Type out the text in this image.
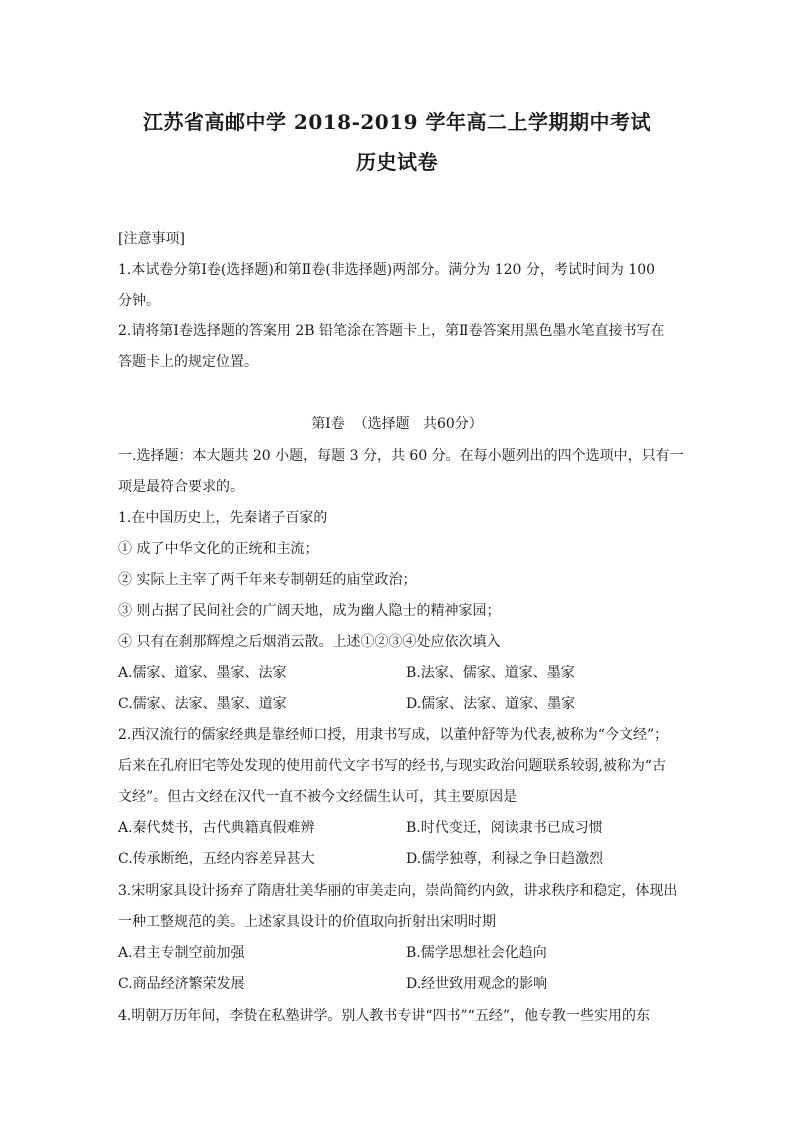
江苏省高邮中学 2018-2019 学年高二上学期期中考试
历史试卷
[注意事项]
1.本试卷分第Ⅰ卷(选择题)和第Ⅱ卷(非选择题)两部分。满分为 120 分，考试时间为 100
分钟。
2.请将第Ⅰ卷选择题的答案用 2B 铅笔涂在答题卡上，第Ⅱ卷答案用黑色墨水笔直接书写在
答题卡上的规定位置。
第Ⅰ卷  （选择题   共60分）
一.选择题：本大题共 20 小题，每题 3 分，共 60 分。在每小题列出的四个选项中，只有一
项是最符合要求的。
1.在中国历史上，先秦诸子百家的
① 成了中华文化的正统和主流；
② 实际上主宰了两千年来专制朝廷的庙堂政治；
③ 则占据了民间社会的广阔天地，成为幽人隐士的精神家园；
④ 只有在刹那辉煌之后烟消云散。上述①②③④处应依次填入
A.儒家、道家、墨家、法家	B.法家、儒家、道家、墨家
C.儒家、法家、墨家、道家	D.儒家、法家、道家、墨家
2.西汉流行的儒家经典是靠经师口授，用隶书写成，以董仲舒等为代表,被称为“今文经”；
后来在孔府旧宅等处发现的使用前代文字书写的经书,与现实政治问题联系较弱,被称为“古
文经”。但古文经在汉代一直不被今文经儒生认可，其主要原因是
A.秦代焚书，古代典籍真假难辨	B.时代变迁，阅读隶书已成习惯
C.传承断绝，五经内容差异甚大	D.儒学独尊，利禄之争日趋激烈
3.宋明家具设计扬弃了隋唐壮美华丽的审美走向，崇尚简约内敛，讲求秩序和稳定，体现出
一种工整规范的美。上述家具设计的价值取向折射出宋明时期
A.君主专制空前加强	B.儒学思想社会化趋向
C.商品经济繁荣发展	D.经世致用观念的影响
4.明朝万历年间，李贽在私塾讲学。别人教书专讲“四书”“五经”，他专教一些实用的东
